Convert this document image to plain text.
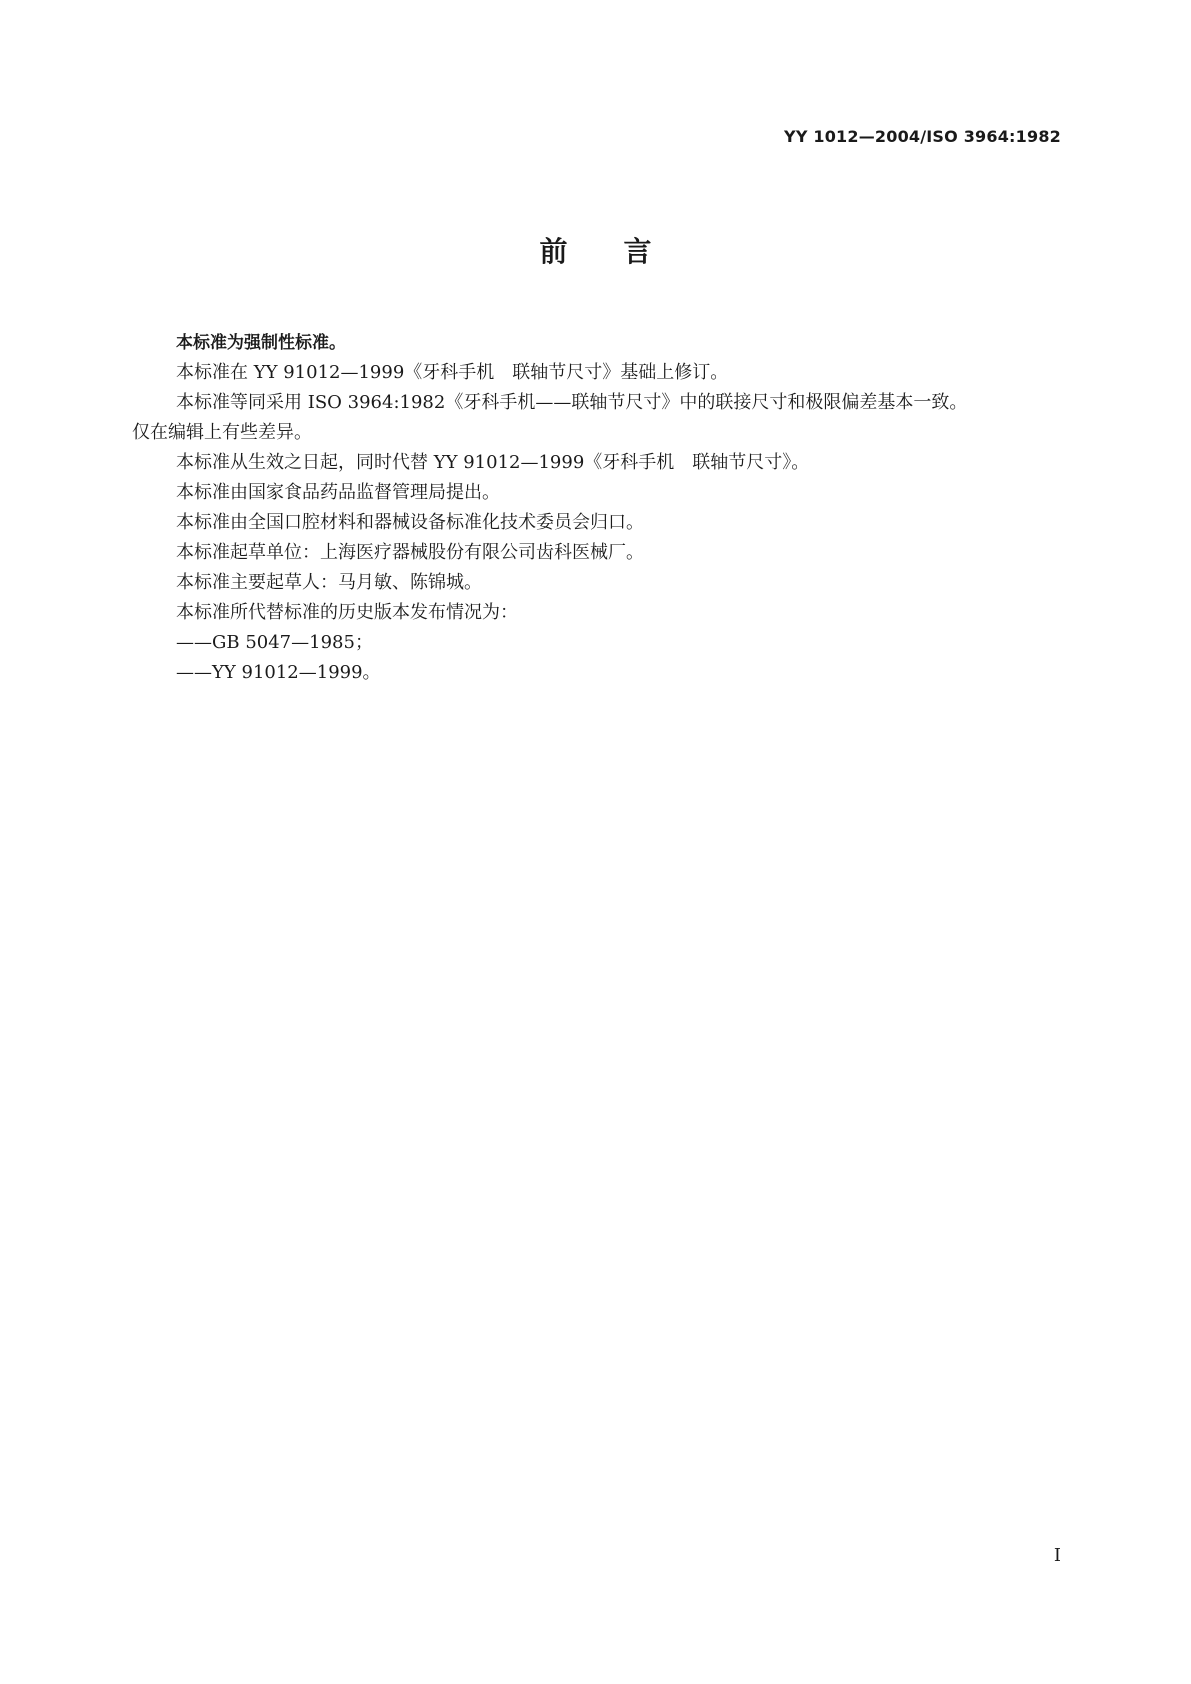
YY 1012—2004/ISO 3964:1982
前　　言

本标准为强制性标准。

本标准在 YY 91012—1999《牙科手机　联轴节尺寸》基础上修订。

本标准等同采用 ISO 3964:1982《牙科手机——联轴节尺寸》中的联接尺寸和极限偏差基本一致。

仅在编辑上有些差异。

本标准从生效之日起，同时代替 YY 91012—1999《牙科手机　联轴节尺寸》。

本标准由国家食品药品监督管理局提出。

本标准由全国口腔材料和器械设备标准化技术委员会归口。

本标准起草单位：上海医疗器械股份有限公司齿科医械厂。

本标准主要起草人：马月敏、陈锦城。

本标准所代替标准的历史版本发布情况为：

——GB 5047—1985；

——YY 91012—1999。

I
